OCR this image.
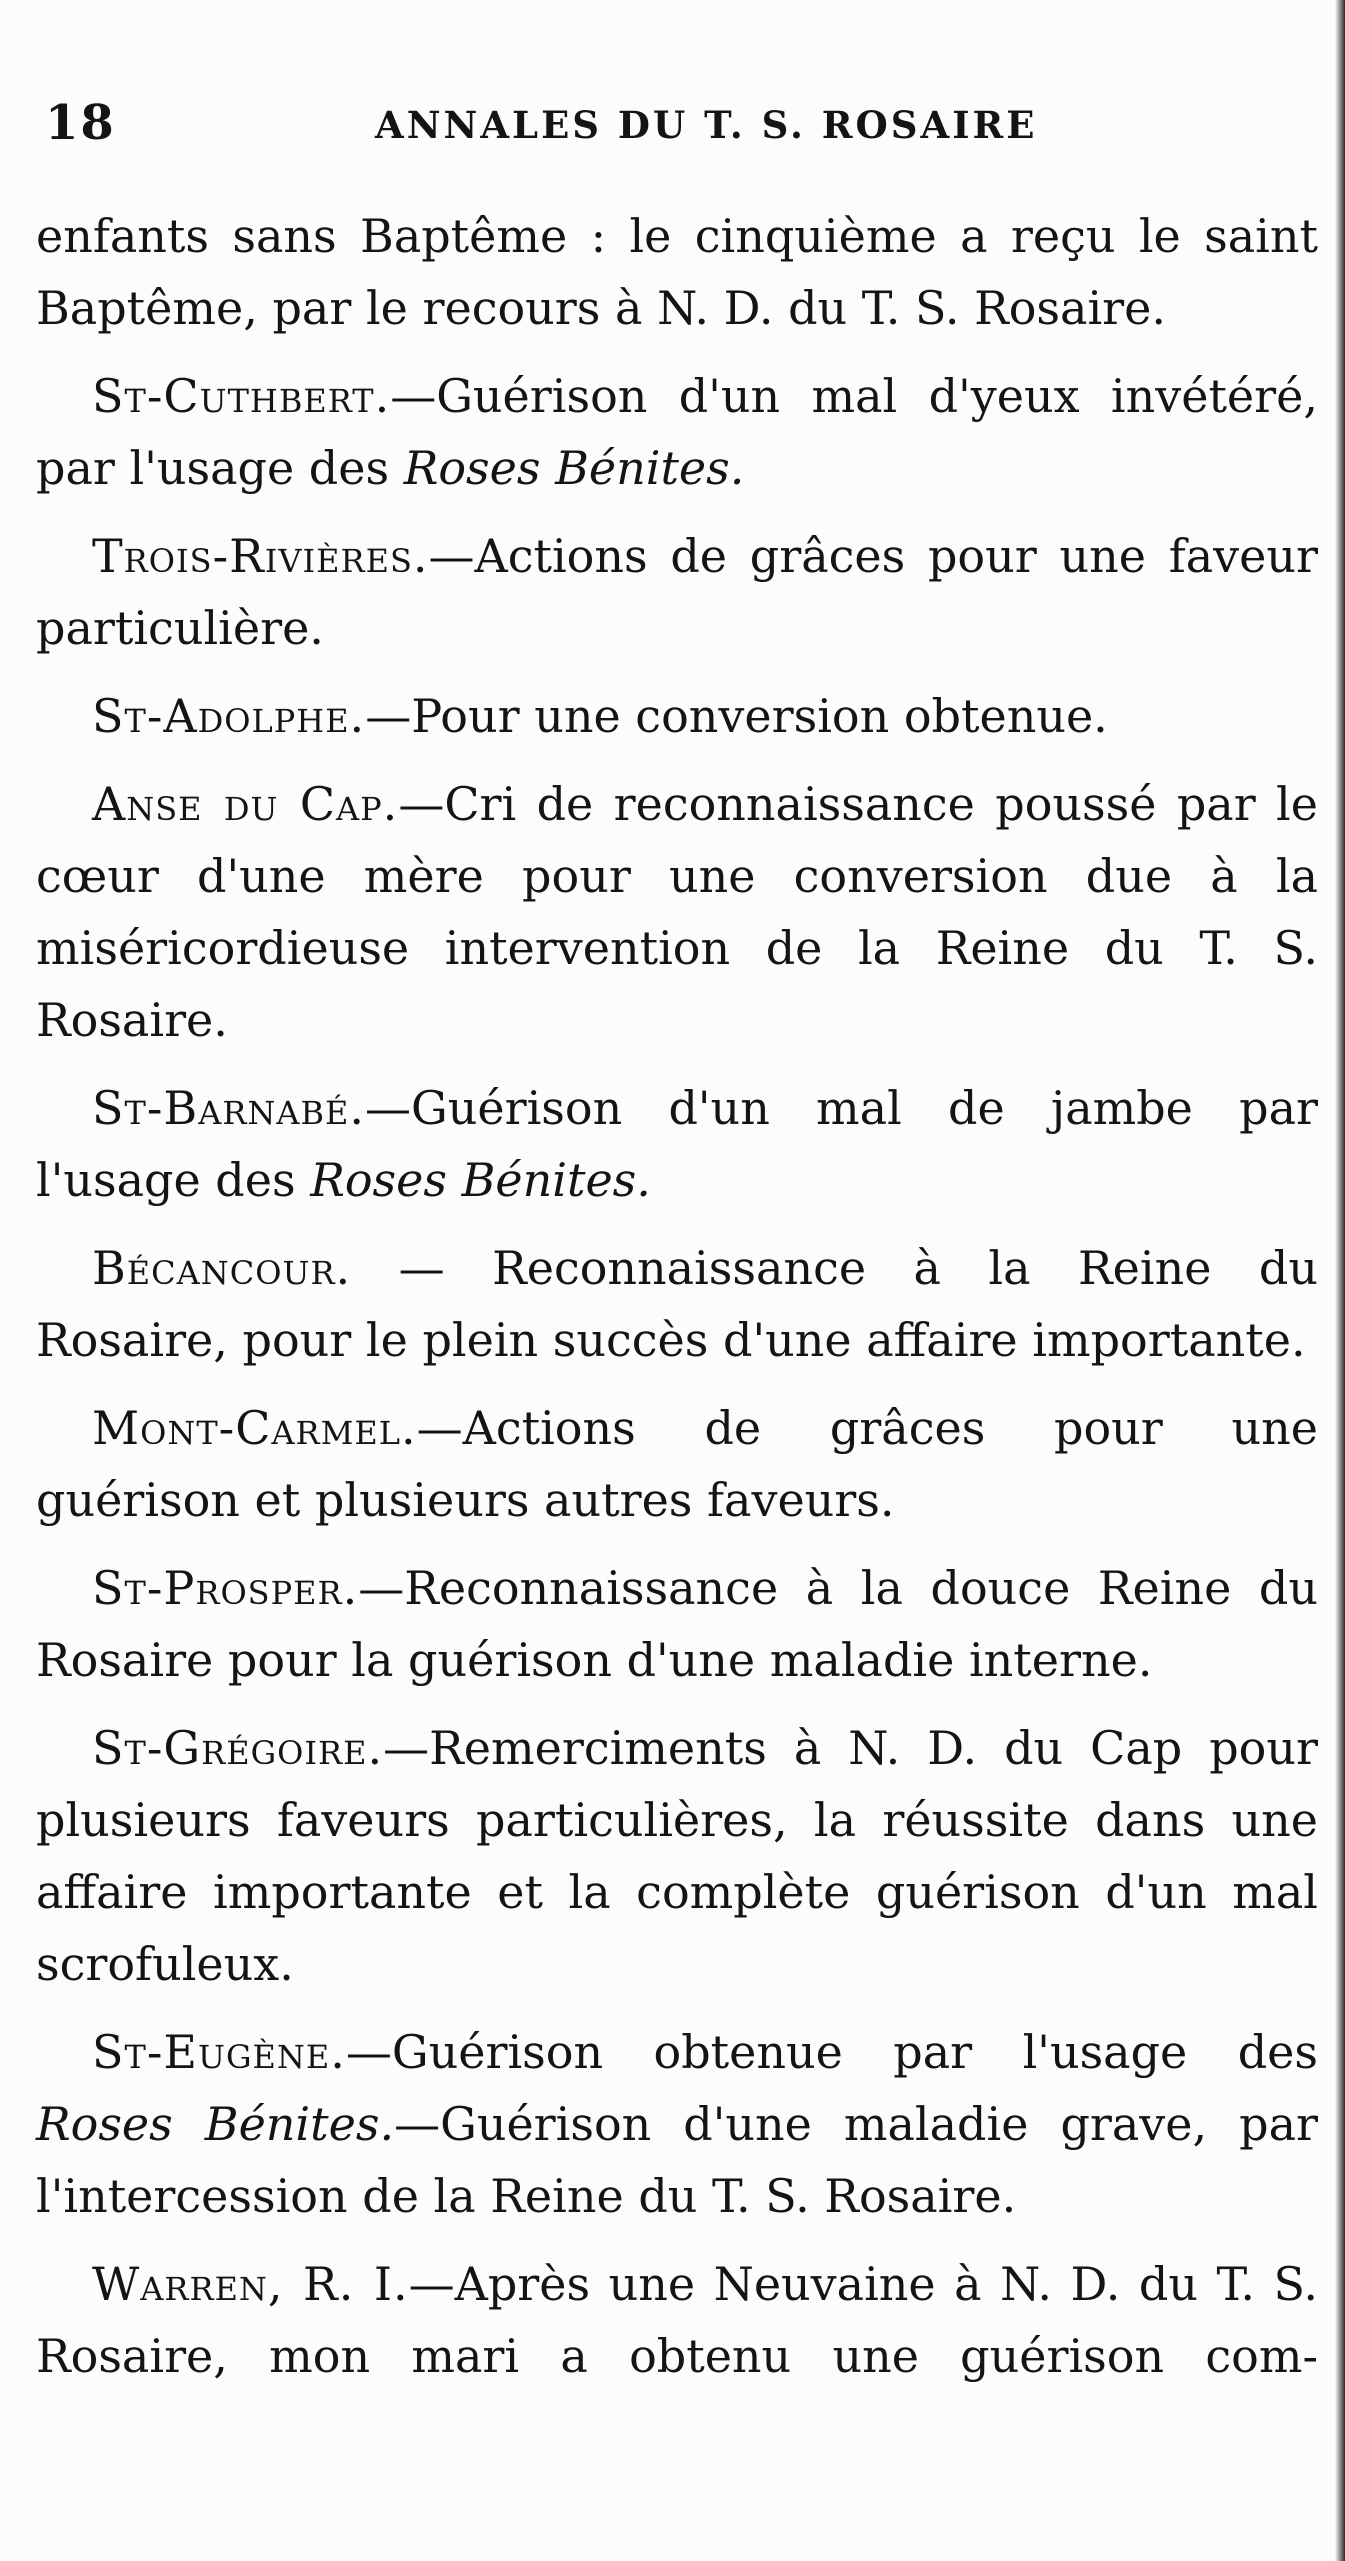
18	ANNALES DU T. S. ROSAIRE

enfants sans Baptême : le cinquième a reçu le saint Baptême, par le recours à N. D. du T. S. Rosaire.

St-Cuthbert.—Guérison d'un mal d'yeux invétéré, par l'usage des Roses Bénites.

Trois-Rivières.—Actions de grâces pour une faveur particulière.

St-Adolphe.—Pour une conversion obtenue.

Anse du Cap.—Cri de reconnaissance poussé par le cœur d'une mère pour une conversion due à la miséricordieuse intervention de la Reine du T. S. Rosaire.

St-Barnabé.—Guérison d'un mal de jambe par l'usage des Roses Bénites.

Bécancour. — Reconnaissance à la Reine du Rosaire, pour le plein succès d'une affaire importante.

Mont-Carmel.—Actions de grâces pour une guérison et plusieurs autres faveurs.

St-Prosper.—Reconnaissance à la douce Reine du Rosaire pour la guérison d'une maladie interne.

St-Grégoire.—Remerciments à N. D. du Cap pour plusieurs faveurs particulières, la réussite dans une affaire importante et la complète guérison d'un mal scrofuleux.

St-Eugène.—Guérison obtenue par l'usage des Roses Bénites.—Guérison d'une maladie grave, par l'intercession de la Reine du T. S. Rosaire.

Warren, R. I.—Après une Neuvaine à N. D. du T. S. Rosaire, mon mari a obtenu une guérison com-
